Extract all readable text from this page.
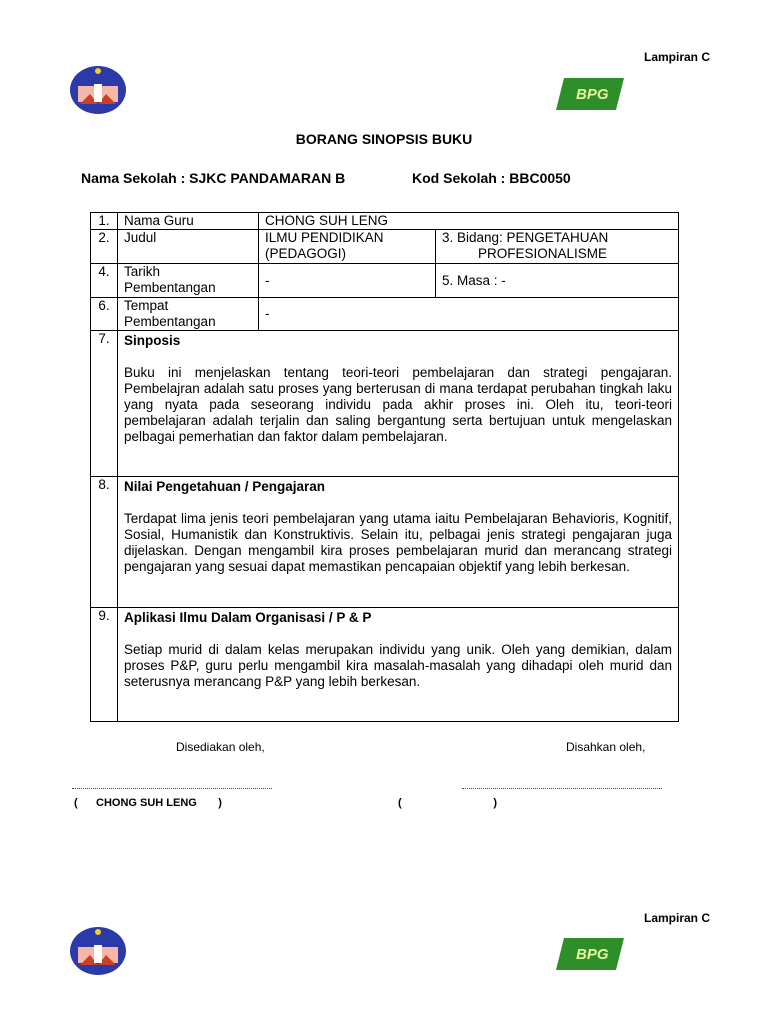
Lampiran C
BPG
BORANG SINOPSIS BUKU
Nama Sekolah : SJKC PANDAMARAN B	Kod Sekolah : BBC0050
1.	Nama Guru	CHONG SUH LENG	
2.	Judul	ILMU PENDIDIKAN (PEDAGOGI)	3. Bidang: PENGETAHUAN
PROFESIONALISME

4.	Tarikh Pembentangan	-	5. Masa : -
6.	Tempat Pembentangan	-	
7.	Sinposis
Buku ini menjelaskan tentang teori-teori pembelajaran dan strategi pengajaran. Pembelajran adalah satu proses yang berterusan di mana terdapat perubahan tingkah laku yang nyata pada seseorang individu pada akhir proses ini. Oleh itu, teori-teori pembelajaran adalah terjalin dan saling bergantung serta bertujuan untuk mengelaskan pelbagai pemerhatian dan faktor dalam pembelajaran.		

8.	Nilai Pengetahuan / Pengajaran
Terdapat lima jenis teori pembelajaran yang utama iaitu Pembelajaran Behavioris, Kognitif, Sosial, Humanistik dan Konstruktivis. Selain itu, pelbagai jenis strategi pengajaran juga dijelaskan. Dengan mengambil kira proses pembelajaran murid dan merancang strategi pengajaran yang sesuai dapat memastikan pencapaian objektif yang lebih berkesan.		

9.	Aplikasi Ilmu Dalam Organisasi / P & P
Setiap murid di dalam kelas merupakan individu yang unik. Oleh yang demikian, dalam proses P&P, guru perlu mengambil kira masalah-masalah yang dihadapi oleh murid dan seterusnya merancang P&P yang lebih berkesan.		
Disediakan oleh,	Disahkan oleh,
(      CHONG SUH LENG       )	(                              )
Lampiran C
BPG
